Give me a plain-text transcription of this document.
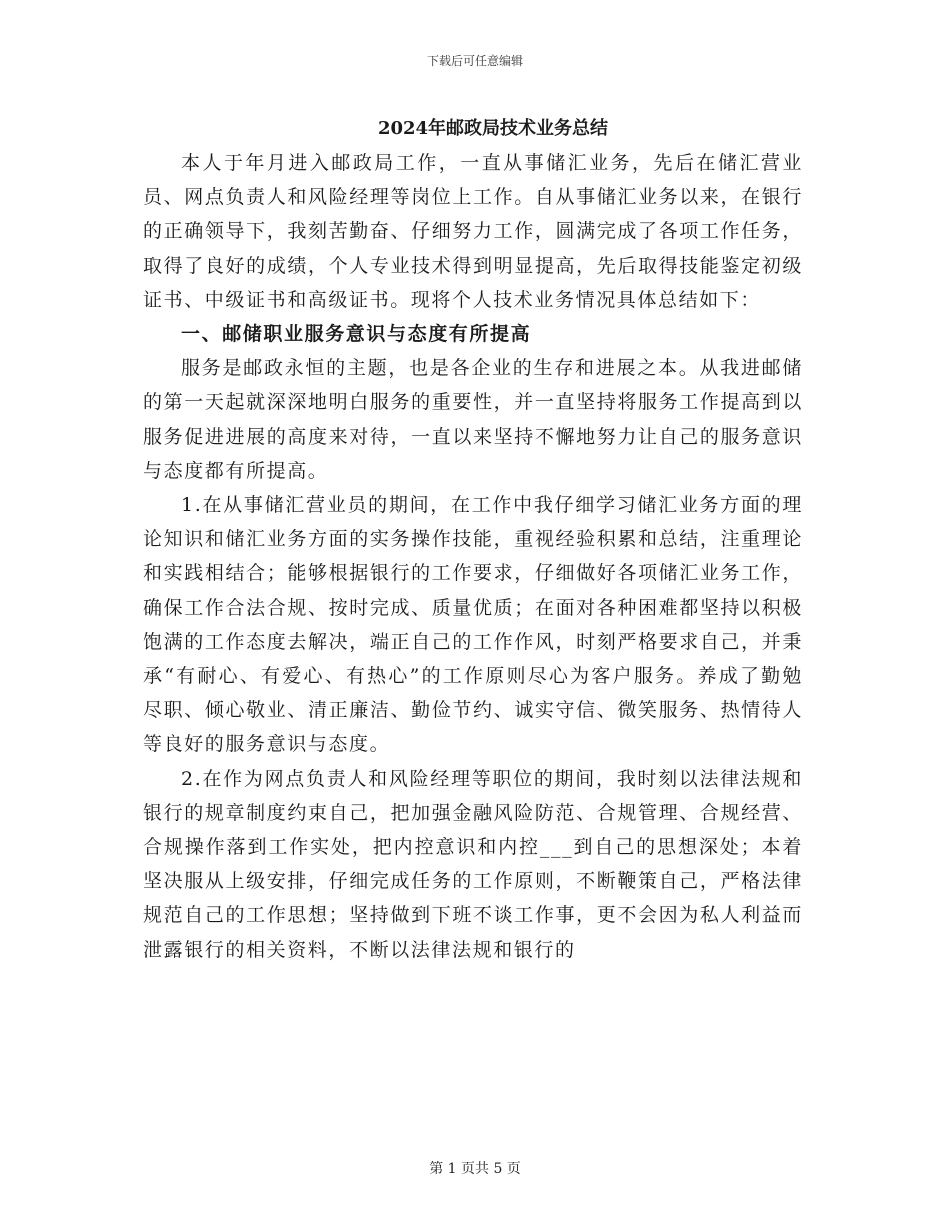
下载后可任意编辑

2024年邮政局技术业务总结

本人于年月进入邮政局工作，一直从事储汇业务，先后在储汇营业员、网点负责人和风险经理等岗位上工作。自从事储汇业务以来，在银行的正确领导下，我刻苦勤奋、仔细努力工作，圆满完成了各项工作任务，取得了良好的成绩，个人专业技术得到明显提高，先后取得技能鉴定初级证书、中级证书和高级证书。现将个人技术业务情况具体总结如下：

一、邮储职业服务意识与态度有所提高

服务是邮政永恒的主题，也是各企业的生存和进展之本。从我进邮储的第一天起就深深地明白服务的重要性，并一直坚持将服务工作提高到以服务促进进展的高度来对待，一直以来坚持不懈地努力让自己的服务意识与态度都有所提高。

1.在从事储汇营业员的期间，在工作中我仔细学习储汇业务方面的理论知识和储汇业务方面的实务操作技能，重视经验积累和总结，注重理论和实践相结合；能够根据银行的工作要求，仔细做好各项储汇业务工作，确保工作合法合规、按时完成、质量优质；在面对各种困难都坚持以积极饱满的工作态度去解决，端正自己的工作作风，时刻严格要求自己，并秉承“有耐心、有爱心、有热心”的工作原则尽心为客户服务。养成了勤勉尽职、倾心敬业、清正廉洁、勤俭节约、诚实守信、微笑服务、热情待人等良好的服务意识与态度。

2.在作为网点负责人和风险经理等职位的期间，我时刻以法律法规和银行的规章制度约束自己，把加强金融风险防范、合规管理、合规经营、合规操作落到工作实处，把内控意识和内控___到自己的思想深处；本着坚决服从上级安排，仔细完成任务的工作原则，不断鞭策自己，严格法律规范自己的工作思想；坚持做到下班不谈工作事，更不会因为私人利益而泄露银行的相关资料，不断以法律法规和银行的

第 1 页共 5 页
